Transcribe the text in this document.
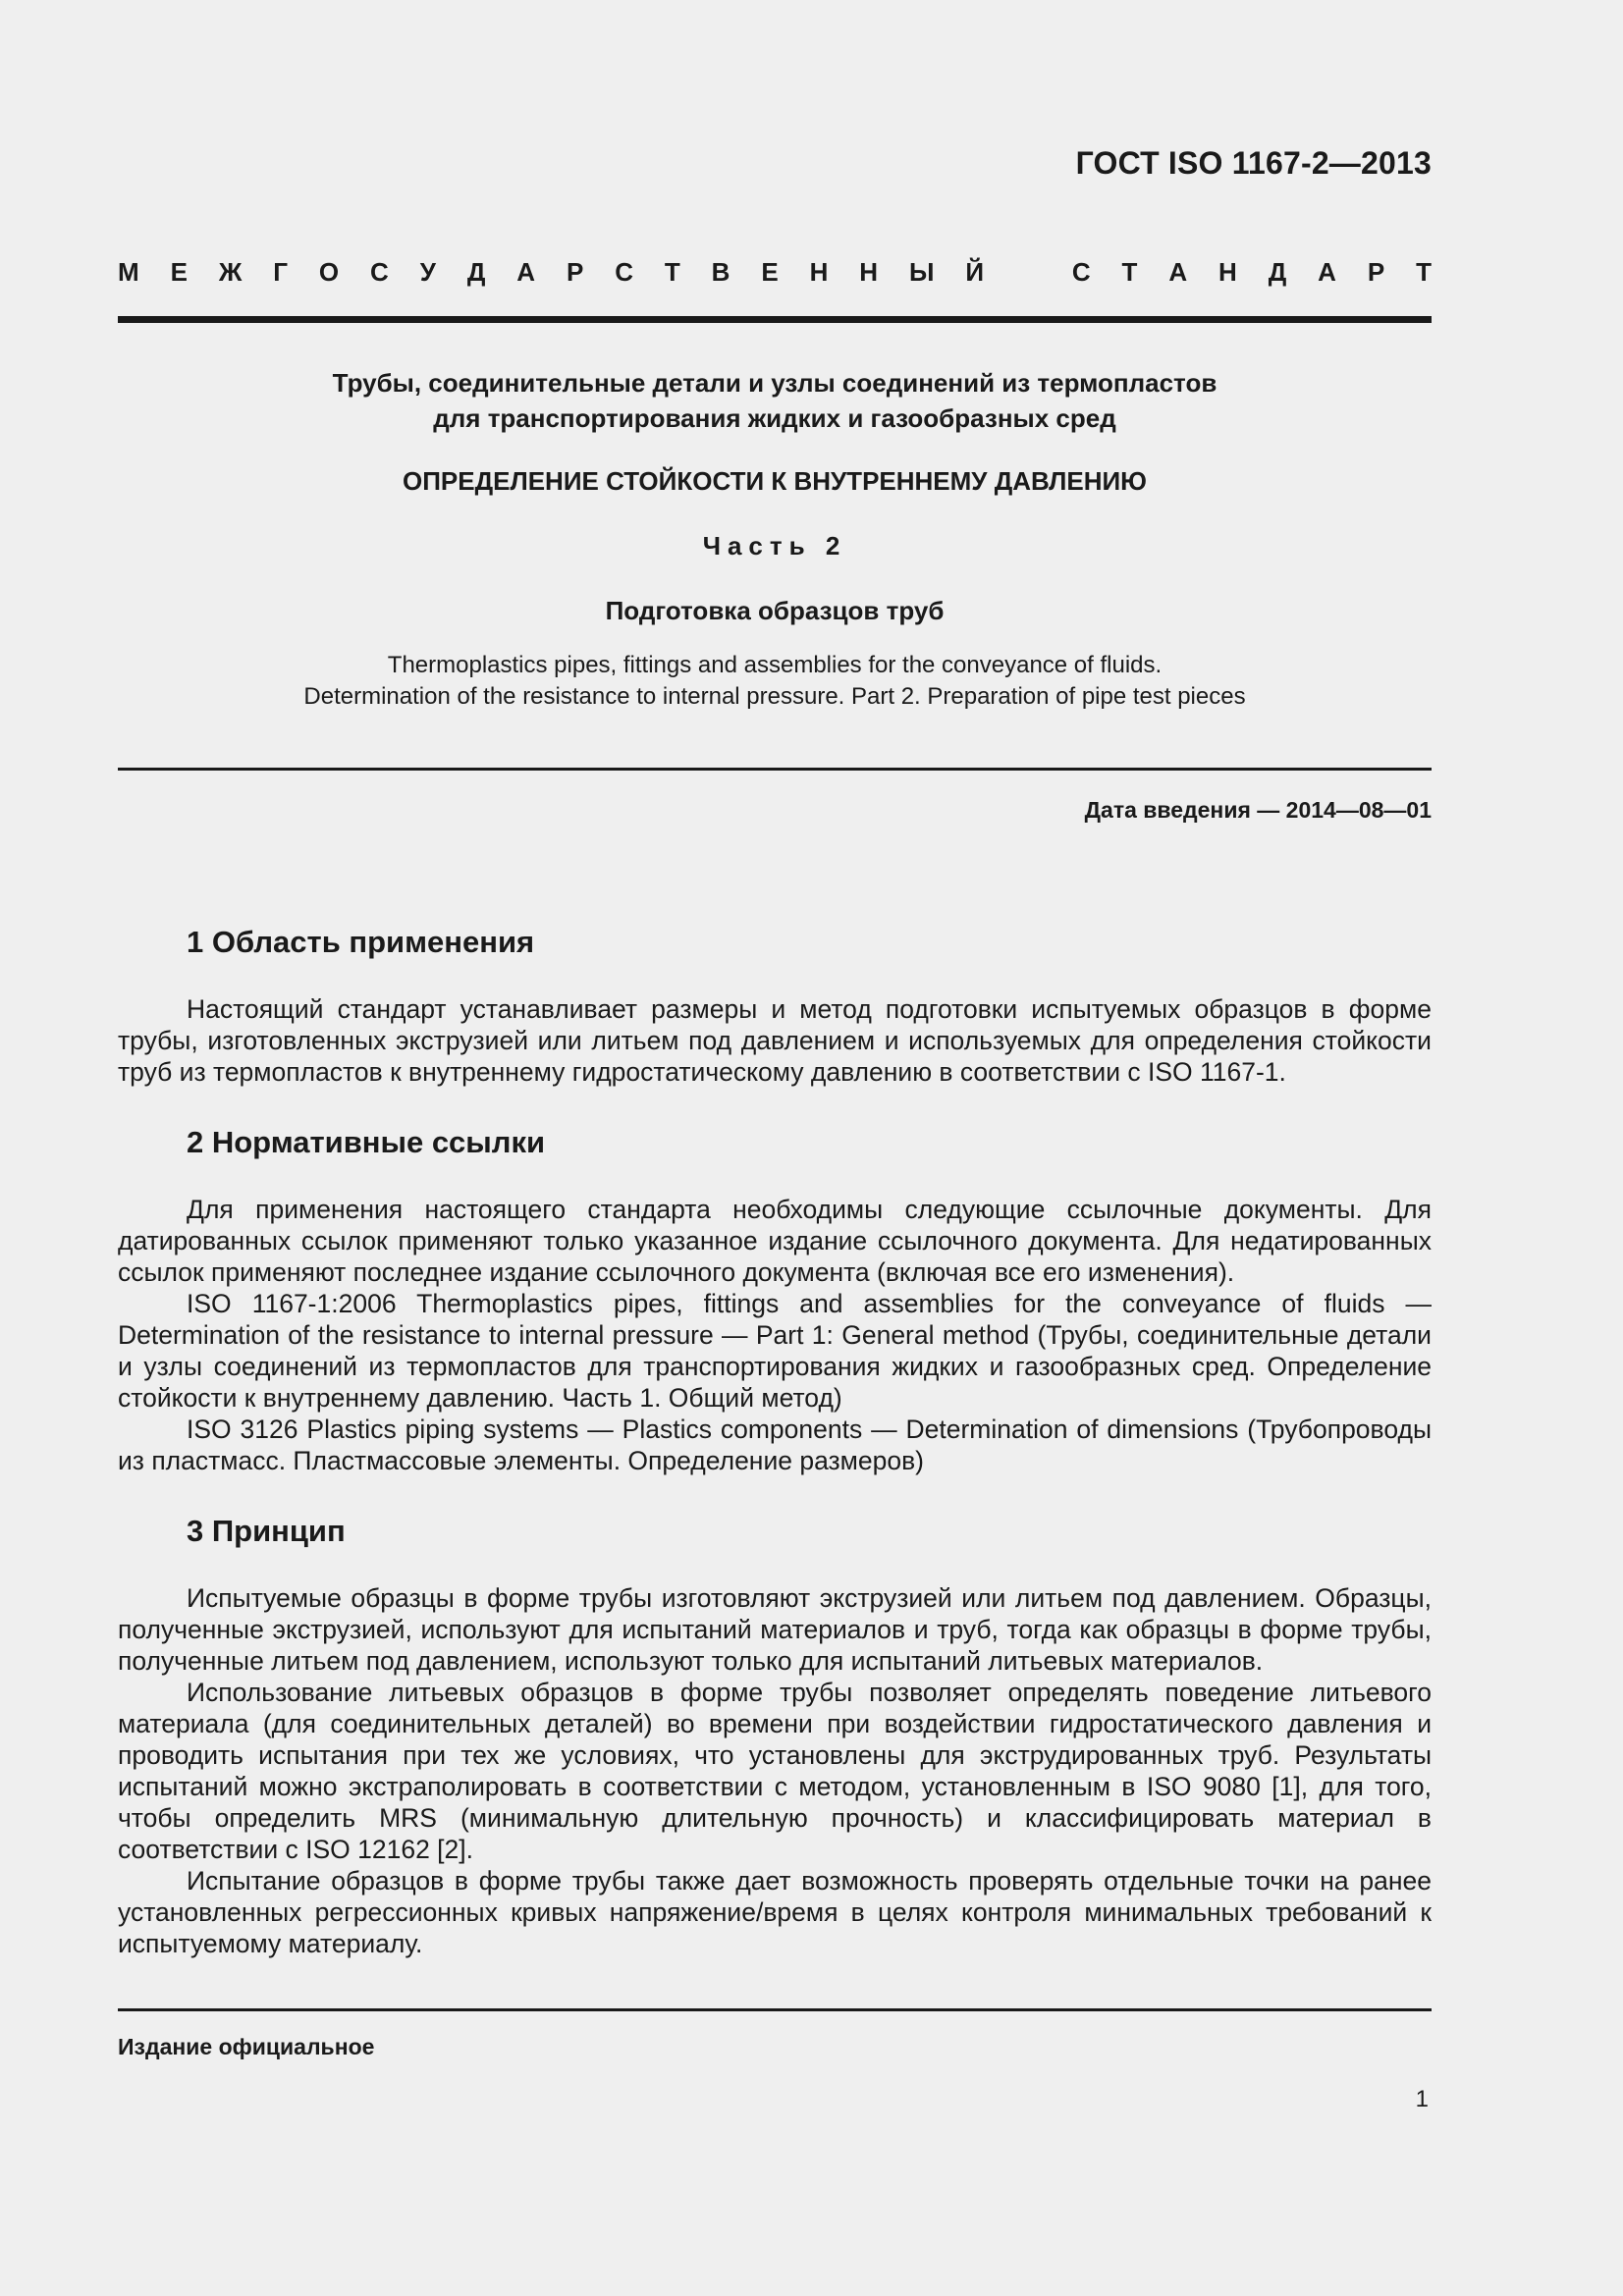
ГОСТ ISO 1167-2—2013
М Е Ж Г О С У Д А Р С Т В Е Н Н Ы Й	С Т А Н Д А Р Т
Трубы, соединительные детали и узлы соединений из термопластов
для транспортирования жидких и газообразных сред
ОПРЕДЕЛЕНИЕ СТОЙКОСТИ К ВНУТРЕННЕМУ ДАВЛЕНИЮ
Часть 2
Подготовка образцов труб
Thermoplastics pipes, fittings and assemblies for the conveyance of fluids.
Determination of the resistance to internal pressure. Part 2. Preparation of pipe test pieces
Дата введения — 2014—08—01
1 Область применения

Настоящий стандарт устанавливает размеры и метод подготовки испытуемых образцов в форме трубы, изготовленных экструзией или литьем под давлением и используемых для определения стойкости труб из термопластов к внутреннему гидростатическому давлению в соответствии с ISO 1167-1.

2 Нормативные ссылки

Для применения настоящего стандарта необходимы следующие ссылочные документы. Для датированных ссылок применяют только указанное издание ссылочного документа. Для недатированных ссылок применяют последнее издание ссылочного документа (включая все его изменения).

ISO 1167-1:2006 Thermoplastics pipes, fittings and assemblies for the conveyance of fluids — Determination of the resistance to internal pressure — Part 1: General method (Трубы, соединительные детали и узлы соединений из термопластов для транспортирования жидких и газообразных сред. Определение стойкости к внутреннему давлению. Часть 1. Общий метод)

ISO 3126 Plastics piping systems — Plastics components — Determination of dimensions (Трубопроводы из пластмасс. Пластмассовые элементы. Определение размеров)

3 Принцип

Испытуемые образцы в форме трубы изготовляют экструзией или литьем под давлением. Образцы, полученные экструзией, используют для испытаний материалов и труб, тогда как образцы в форме трубы, полученные литьем под давлением, используют только для испытаний литьевых материалов.

Использование литьевых образцов в форме трубы позволяет определять поведение литьевого материала (для соединительных деталей) во времени при воздействии гидростатического давления и проводить испытания при тех же условиях, что установлены для экструдированных труб. Результаты испытаний можно экстраполировать в соответствии с методом, установленным в ISO 9080 [1], для того, чтобы определить MRS (минимальную длительную прочность) и классифицировать материал в соответствии с ISO 12162 [2].

Испытание образцов в форме трубы также дает возможность проверять отдельные точки на ранее установленных регрессионных кривых напряжение/время в целях контроля минимальных требований к испытуемому материалу.

Издание официальное
1
